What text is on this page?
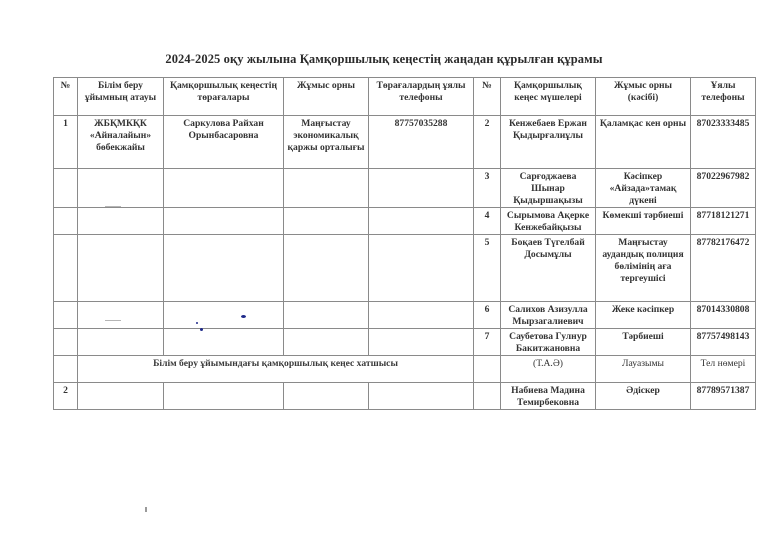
2024-2025 оқу жылына Қамқоршылық кеңестің жаңадан құрылған құрамы
№	Білім беру ұйымның атауы	Қамқоршылық кеңестің төрағалары	Жұмыс орны	Төрағалардың ұялы телефоны	№	Қамқоршылық кеңес мүшелері	Жұмыс орны (кәсібі)	Ұялы телефоны
1	ЖБҚМКҚК «Айналайын» бөбекжайы	Саркулова Райхан Орынбасаровна	Маңғыстау экономикалық қаржы орталығы	87757035288	2	Кенжебаев Ержан Қыдырғалиұлы	Қаламқас кен орны	87023333485
					3	Сарғоджаева Шынар Қыдыршақызы	Кәсіпкер «Айзада»тамақ дүкені	87022967982
					4	Сырымова Ақерке Кенжебайқызы	Көмекші тәрбиеші	87718121271
					5	Боқаев Түгелбай Досымұлы	Маңғыстау аудандық полиция бөлімінің аға тергеушісі	87782176472
					6	Салихов Азизулла Мырзагалиевич	Жеке кәсіпкер	87014330808
					7	Саубетова Гулнур Бакитжановна	Тәрбиеші	87757498143
	Білім беру ұйымындағы қамқоршылық кеңес хатшысы					(Т.А.Ә)	Лауазымы	Тел нөмері
2						Набиева Мадина Темирбековна	Әдіскер	87789571387
